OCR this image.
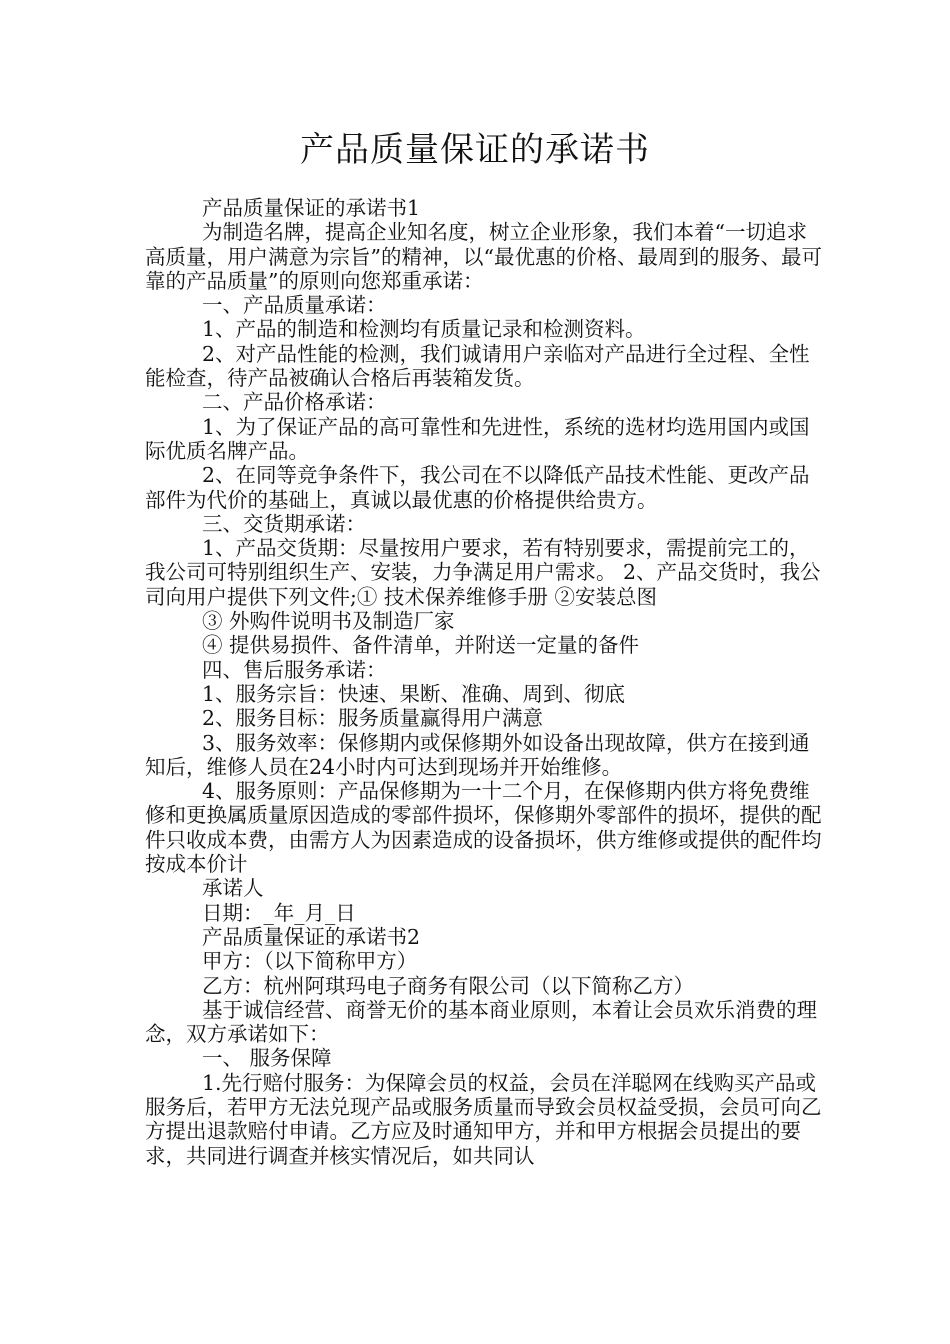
产品质量保证的承诺书

产品质量保证的承诺书1

为制造名牌，提高企业知名度，树立企业形象，我们本着“一切追求高质量，用户满意为宗旨”的精神，以“最优惠的价格、最周到的服务、最可靠的产品质量”的原则向您郑重承诺：

一、产品质量承诺：

1、产品的制造和检测均有质量记录和检测资料。

2、对产品性能的检测，我们诚请用户亲临对产品进行全过程、全性能检查，待产品被确认合格后再装箱发货。

二、产品价格承诺：

1、为了保证产品的高可靠性和先进性，系统的选材均选用国内或国际优质名牌产品。

2、在同等竞争条件下，我公司在不以降低产品技术性能、更改产品部件为代价的基础上，真诚以最优惠的价格提供给贵方。

三、交货期承诺：

1、产品交货期：尽量按用户要求，若有特别要求，需提前完工的，我公司可特别组织生产、安装，力争满足用户需求。 2、产品交货时，我公司向用户提供下列文件;① 技术保养维修手册 ②安装总图

③ 外购件说明书及制造厂家

④ 提供易损件、备件清单，并附送一定量的备件

四、售后服务承诺：

1、服务宗旨：快速、果断、准确、周到、彻底

2、服务目标：服务质量赢得用户满意

3、服务效率：保修期内或保修期外如设备出现故障，供方在接到通知后，维修人员在24小时内可达到现场并开始维修。

4、服务原则：产品保修期为一十二个月，在保修期内供方将免费维修和更换属质量原因造成的零部件损坏，保修期外零部件的损坏，提供的配件只收成本费，由需方人为因素造成的设备损坏，供方维修或提供的配件均按成本价计

承诺人

日期：_年_月_日

产品质量保证的承诺书2

甲方：（以下简称甲方）

乙方：杭州阿琪玛电子商务有限公司（以下简称乙方）

基于诚信经营、商誉无价的基本商业原则，本着让会员欢乐消费的理念，双方承诺如下：

一、 服务保障

1.先行赔付服务：为保障会员的权益，会员在洋聪网在线购买产品或服务后，若甲方无法兑现产品或服务质量而导致会员权益受损，会员可向乙方提出退款赔付申请。乙方应及时通知甲方，并和甲方根据会员提出的要求，共同进行调查并核实情况后，如共同认
